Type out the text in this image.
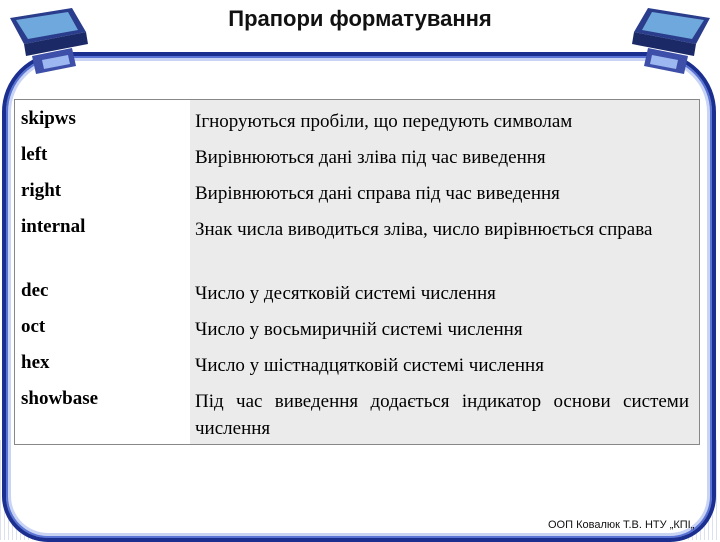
Прапори форматування
skipws	Ігноруються пробіли, що передують символам
left	Вирівнюються дані зліва під час виведення
right	Вирівнюються дані справа під час виведення
internal	Знак числа виводиться зліва, число вирівнюється справа
dec	Число у десятковій системі числення
oct	Число у восьмиричній системі числення
hex	Число у шістнадцятковій системі числення
showbase	Під час виведення додається індикатор основи системи числення
ООП Ковалюк Т.В. НТУ „КПІ„
